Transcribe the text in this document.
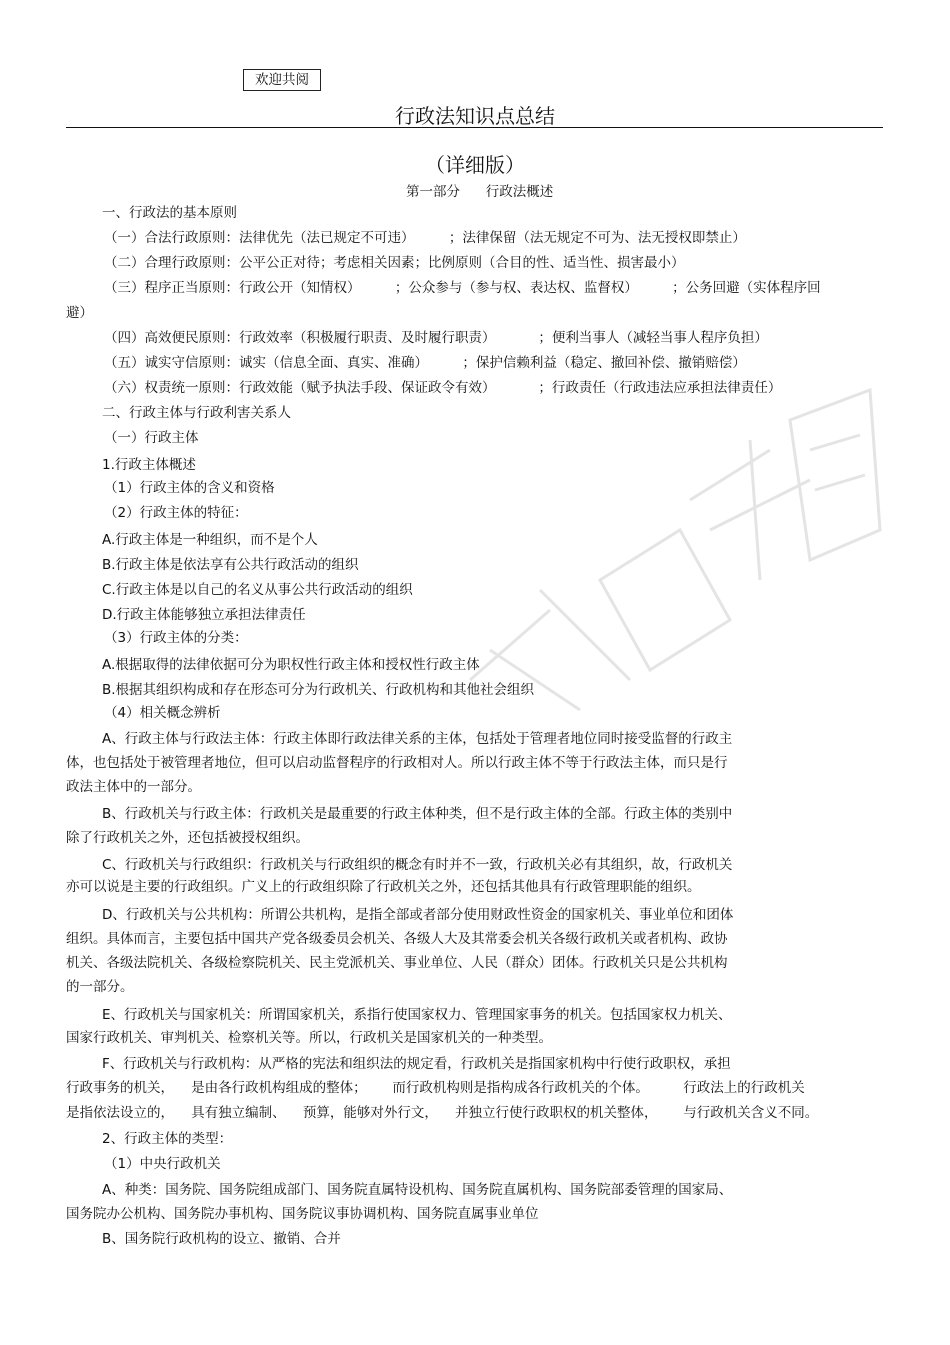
欢迎共阅
行政法知识点总结
（详细版）
第一部分      行政法概述
一、行政法的基本原则
（一）合法行政原则：法律优先（法已规定不可违）        ；法律保留（法无规定不可为、法无授权即禁止）
（二）合理行政原则：公平公正对待；考虑相关因素；比例原则（合目的性、适当性、损害最小）
（三）程序正当原则：行政公开（知情权）        ；公众参与（参与权、表达权、监督权）        ；公务回避（实体程序回
避）
（四）高效便民原则：行政效率（积极履行职责、及时履行职责）          ；便利当事人（减轻当事人程序负担）
（五）诚实守信原则：诚实（信息全面、真实、准确）        ；保护信赖利益（稳定、撤回补偿、撤销赔偿）
（六）权责统一原则：行政效能（赋予执法手段、保证政令有效）          ；行政责任（行政违法应承担法律责任）
二、行政主体与行政利害关系人
（一）行政主体
1.行政主体概述
（1）行政主体的含义和资格
（2）行政主体的特征：
A.行政主体是一种组织，而不是个人
B.行政主体是依法享有公共行政活动的组织
C.行政主体是以自己的名义从事公共行政活动的组织
D.行政主体能够独立承担法律责任
（3）行政主体的分类：
A.根据取得的法律依据可分为职权性行政主体和授权性行政主体
B.根据其组织构成和存在形态可分为行政机关、行政机构和其他社会组织
（4）相关概念辨析
A、行政主体与行政法主体：行政主体即行政法律关系的主体，包括处于管理者地位同时接受监督的行政主
体，也包括处于被管理者地位，但可以启动监督程序的行政相对人。所以行政主体不等于行政法主体，而只是行
政法主体中的一部分。
B、行政机关与行政主体：行政机关是最重要的行政主体种类，但不是行政主体的全部。行政主体的类别中
除了行政机关之外，还包括被授权组织。
C、行政机关与行政组织：行政机关与行政组织的概念有时并不一致，行政机关必有其组织，故，行政机关
亦可以说是主要的行政组织。广义上的行政组织除了行政机关之外，还包括其他具有行政管理职能的组织。
D、行政机关与公共机构：所谓公共机构，是指全部或者部分使用财政性资金的国家机关、事业单位和团体
组织。具体而言，主要包括中国共产党各级委员会机关、各级人大及其常委会机关各级行政机关或者机构、政协
机关、各级法院机关、各级检察院机关、民主党派机关、事业单位、人民（群众）团体。行政机关只是公共机构
的一部分。
E、行政机关与国家机关：所谓国家机关，系指行使国家权力、管理国家事务的机关。包括国家权力机关、
国家行政机关、审判机关、检察机关等。所以，行政机关是国家机关的一种类型。
F、行政机关与行政机构：从严格的宪法和组织法的规定看，行政机关是指国家机构中行使行政职权，承担
行政事务的机关，    是由各行政机构组成的整体；      而行政机构则是指构成各行政机关的个体。        行政法上的行政机关
是指依法设立的，    具有独立编制、    预算，能够对外行文，    并独立行使行政职权的机关整体，      与行政机关含义不同。
2、行政主体的类型：
（1）中央行政机关
A、种类：国务院、国务院组成部门、国务院直属特设机构、国务院直属机构、国务院部委管理的国家局、
国务院办公机构、国务院办事机构、国务院议事协调机构、国务院直属事业单位
B、国务院行政机构的设立、撤销、合并
